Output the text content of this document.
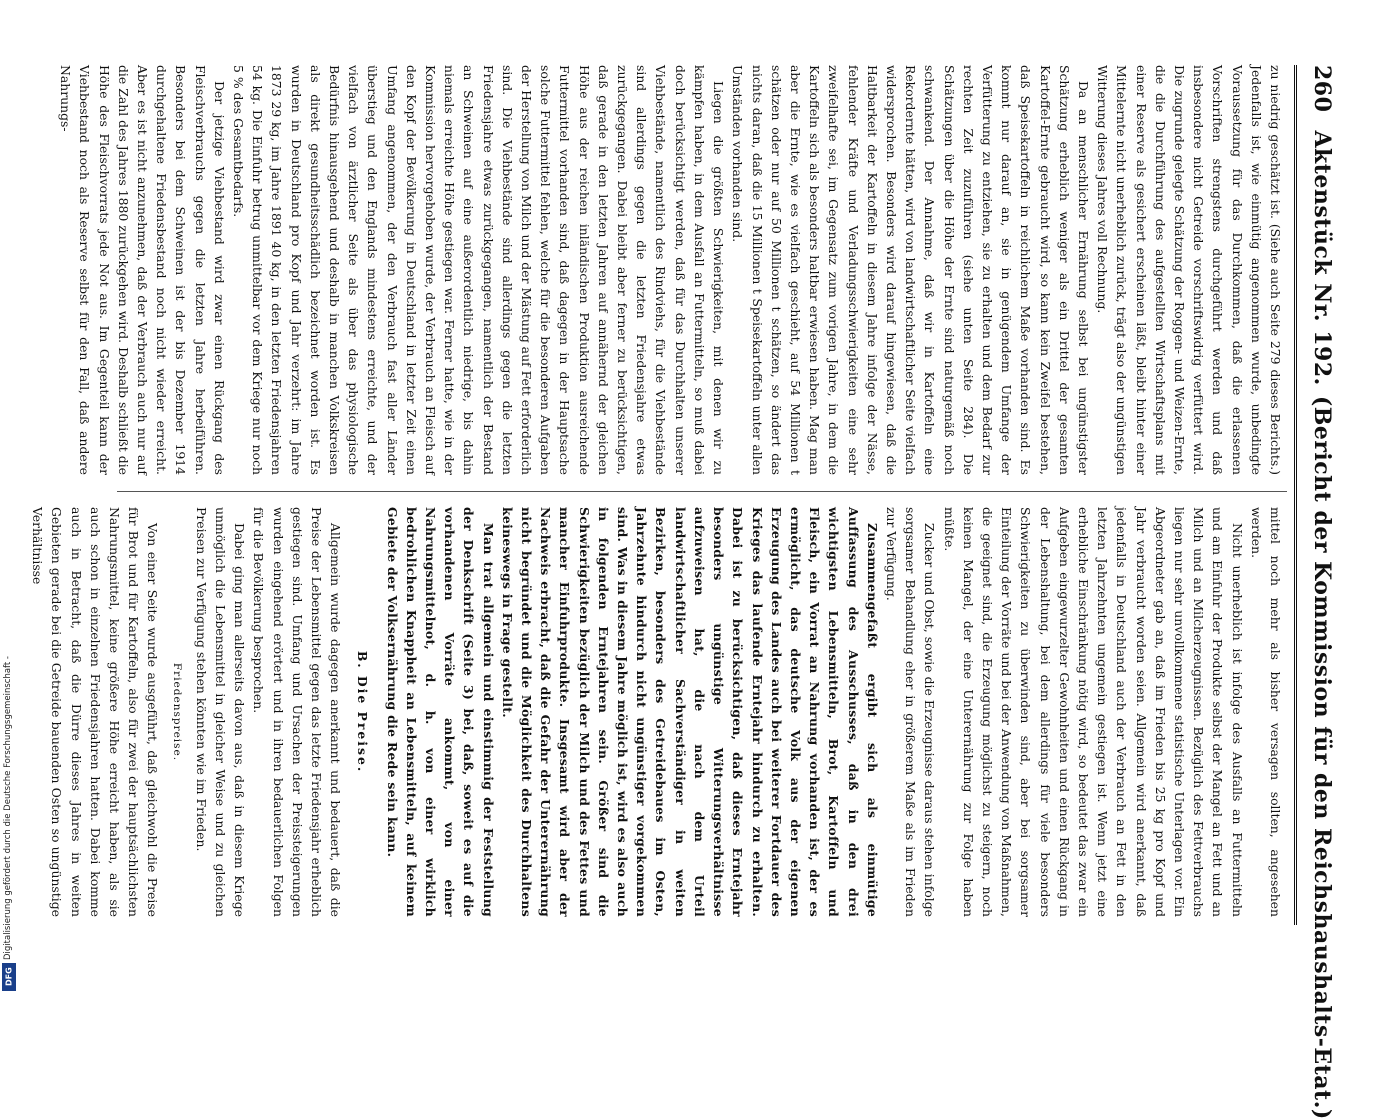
Digitalisierung gefördert durch die Deutsche Forschungsgemeinschaft -
DFG
260
Aktenstück Nr. 192.
(Bericht der Kommission für den Reichshaushalts-Etat.)

zu niedrig geschätzt ist. (Siehe auch Seite 279 dieses Berichts.) Jedenfalls ist, wie einmütig angenommen wurde, unbedingte Voraussetzung für das Durchkommen, daß die erlassenen Vorschriften strengstens durchgeführt werden und daß insbesondere nicht Getreide vorschriftswidrig verfüttert wird. Die zugrunde gelegte Schätzung der Roggen- und Weizen-Ernte, die die Durchführung des aufgestellten Wirtschaftsplans mit einer Reserve als gesichert erscheinen läßt, bleibt hinter einer Mittelernte nicht unerheblich zurück, trägt also der ungünstigen Witterung dieses Jahres voll Rechnung.

Da an menschlicher Ernährung selbst bei ungünstigster Schätzung erheblich weniger als ein Drittel der gesamten Kartoffel-Ernte gebraucht wird, so kann kein Zweifel bestehen, daß Speisekartoffeln in reichlichem Maße vorhanden sind. Es kommt nur darauf an, sie in genügendem Umfange der Verfütterung zu entziehen, sie zu erhalten und dem Bedarf zur rechten Zeit zuzuführen (siehe unten Seite 284). Die Schätzungen über die Höhe der Ernte sind naturgemäß noch schwankend. Der Annahme, daß wir in Kartoffeln eine Rekordernte hätten, wird von landwirtschaftlicher Seite vielfach widersprochen. Besonders wird darauf hingewiesen, daß die Haltbarkeit der Kartoffeln in diesem Jahre infolge der Nässe, fehlender Kräfte und Verladungsschwierigkeiten eine sehr zweifelhafte sei, im Gegensatz zum vorigen Jahre, in dem die Kartoffeln sich als besonders haltbar erwiesen haben. Mag man aber die Ernte, wie es vielfach geschieht, auf 54 Millionen t schätzen oder nur auf 50 Millionen t schätzen, so ändert das nichts daran, daß die 15 Millionen t Speisekartoffeln unter allen Umständen vorhanden sind.

Liegen die größten Schwierigkeiten, mit denen wir zu kämpfen haben, in dem Ausfall an Futtermitteln, so muß dabei doch berücksichtigt werden, daß für das Durchhalten unserer Viehbestände, namentlich des Rindviehs, für die Viehbestände sind allerdings gegen die letzten Friedensjahre etwas zurückgegangen. Dabei bleibt aber ferner zu berücksichtigen, daß gerade in den letzten Jahren auf annähernd der gleichen Höhe aus der reichen inländischen Produktion ausreichende Futtermittel vorhanden sind, daß dagegen in der Hauptsache solche Futtermittel fehlen, welche für die besonderen Aufgaben der Herstellung von Milch und der Mästung auf Fett erforderlich sind. Die Viehbestände sind allerdings gegen die letzten Friedensjahre etwas zurückgegangen, namentlich der Bestand an Schweinen auf eine außerordentlich niedrige, bis dahin niemals erreichte Höhe gestiegen war. Ferner hatte, wie in der Kommission hervorgehoben wurde, der Verbrauch an Fleisch auf den Kopf der Bevölkerung in Deutschland in letzter Zeit einen Umfang angenommen, der den Verbrauch fast aller Länder überstieg und den Englands mindestens erreichte, und der vielfach von ärztlicher Seite als über das physiologische Bedürfnis hinausgehend und deshalb in manchen Volkskreisen als direkt gesundheitsschädlich bezeichnet worden ist. Es wurden in Deutschland pro Kopf und Jahr verzehrt: im Jahre 1873 29 kg, im Jahre 1891 40 kg, in den letzten Friedensjahren 54 kg. Die Einfuhr betrug unmittelbar vor dem Kriege nur noch 5 % des Gesamtbedarfs.

Der jetzige Viehbestand wird zwar einen Rückgang des Fleischverbrauchs gegen die letzten Jahre herbeiführen. Besonders bei dem Schweinen ist der bis Dezember 1914 durchgehaltene Friedensbestand noch nicht wieder erreicht. Aber es ist nicht anzunehmen, daß der Verbrauch auch nur auf die Zahl des Jahres 1880 zurückgehen wird. Deshalb schließt die Höhe des Fleischvorrats jede Not aus. Im Gegenteil kann der Viehbestand noch als Reserve selbst für den Fall, daß andere Nahrungs-

mittel noch mehr als bisher versagen sollten, angesehen werden.

Nicht unerheblich ist infolge des Ausfalls an Futtermitteln und am Einfuhr der Produkte selbst der Mangel an Fett und an Milch und an Milcherzeugnissen. Bezüglich des Fettverbrauchs liegen nur sehr unvollkommene statistische Unterlagen vor. Ein Abgeordneter gab an, daß im Frieden bis 25 kg pro Kopf und Jahr verbraucht worden seien. Allgemein wird anerkannt, daß jedenfalls in Deutschland auch der Verbrauch an Fett in den letzten Jahrzehnten ungemein gestiegen ist. Wenn jetzt eine erhebliche Einschränkung nötig wird, so bedeutet das zwar ein Aufgeben eingewurzelter Gewohnheiten und einen Rückgang in der Lebenshaltung, bei dem allerdings für viele besonders Schwierigkeiten zu überwinden sind, aber bei sorgsamer Einteilung der Vorräte und bei der Anwendung von Maßnahmen, die geeignet sind, die Erzeugung möglichst zu steigern, noch keinen Mangel, der eine Unterernährung zur Folge haben müßte.

Zucker und Obst, sowie die Erzeugnisse daraus stehen infolge sorgsamer Behandlung eher in größerem Maße als im Frieden zur Verfügung.

Zusammengefaßt ergibt sich als einmütige Auffassung des Ausschusses, daß in den drei wichtigsten Lebensmitteln, Brot, Kartoffeln und Fleisch, ein Vorrat an Nahrung vorhanden ist, der es ermöglicht, das deutsche Volk aus der eigenen Erzeugung des Landes auch bei weiterer Fortdauer des Krieges das laufende Erntejahr hindurch zu erhalten. Dabei ist zu berücksichtigen, daß dieses Erntejahr besonders ungünstige Witterungsverhältnisse aufzuweisen hat, die nach dem Urteil landwirtschaftlicher Sachverständiger in weiten Bezirken, besonders des Getreidebaues im Osten, Jahrzehnte hindurch nicht ungünstiger vorgekommen sind. Was in diesem Jahre möglich ist, wird es also auch in folgenden Erntejahren sein. Größer sind die Schwierigkeiten bezüglich der Milch und des Fettes und mancher Einfuhrprodukte. Insgesamt wird aber der Nachweis erbracht, daß die Gefahr der Unterernährung nicht begründet und die Möglichkeit des Durchhaltens keineswegs in Frage gestellt.

Man trat allgemein und einstimmig der Feststellung der Denkschrift (Seite 3) bei, daß, soweit es auf die vorhandenen Vorräte ankommt, von einer Nahrungsmittelnot, d. h. von einer wirklich bedrohlichen Knappheit an Lebensmitteln, auf keinem Gebiete der Volksernährung die Rede sein kann.

B. Die Preise.

Allgemein wurde dagegen anerkannt und bedauert, daß die Preise der Lebensmittel gegen das letzte Friedensjahr erheblich gestiegen sind. Umfang und Ursachen der Preissteigerungen wurden eingehend erörtert und in ihren bedauerlichen Folgen für die Bevölkerung besprochen.

Dabei ging man allerseits davon aus, daß in diesem Kriege unmöglich die Lebensmittel in gleicher Weise und zu gleichen Preisen zur Verfügung stehen könnten wie im Frieden.

Friedenspreise.

Von einer Seite wurde ausgeführt, daß gleichwohl die Preise für Brot und für Kartoffeln, also für zwei der hauptsächlichsten Nahrungsmittel, keine größere Höhe erreicht haben, als sie auch schon in einzelnen Friedensjahren hatten. Dabei komme auch in Betracht, daß die Dürre dieses Jahres in weiten Gebieten gerade bei die Getreide bauenden Osten so ungünstige Verhältnisse
